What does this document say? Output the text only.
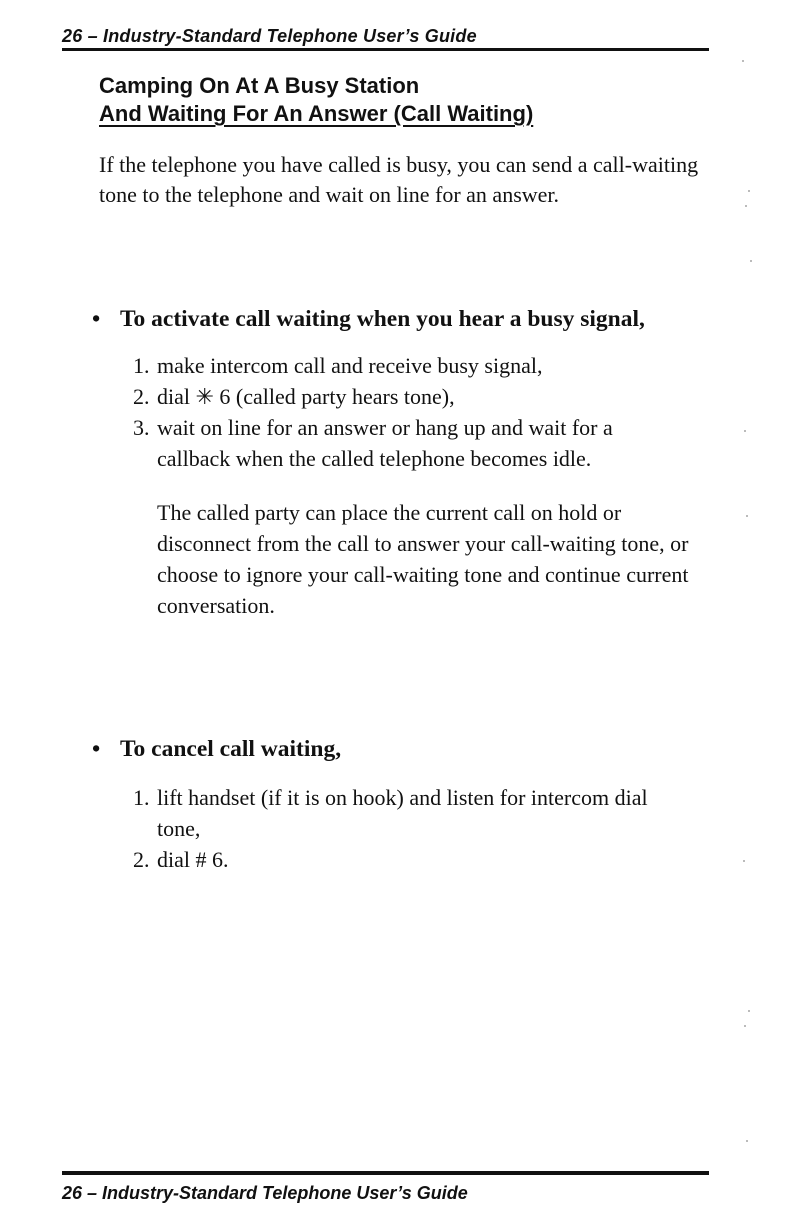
26 – Industry-Standard Telephone User’s Guide
Camping On At A Busy Station
And Waiting For An Answer (Call Waiting)
If the telephone you have called is busy, you can send a call-waiting tone to the telephone and wait on line for an answer.
• To activate call waiting when you hear a busy signal,
1. make intercom call and receive busy signal,
2. dial ✳ 6 (called party hears tone),
3. wait on line for an answer or hang up and wait for a
callback when the called telephone becomes idle.
The called party can place the current call on hold or disconnect from the call to answer your call-waiting tone, or choose to ignore your call-waiting tone and continue current conversation.
• To cancel call waiting,
1. lift handset (if it is on hook) and listen for intercom dial
tone,
2. dial # 6.
26 – Industry-Standard Telephone User’s Guide
